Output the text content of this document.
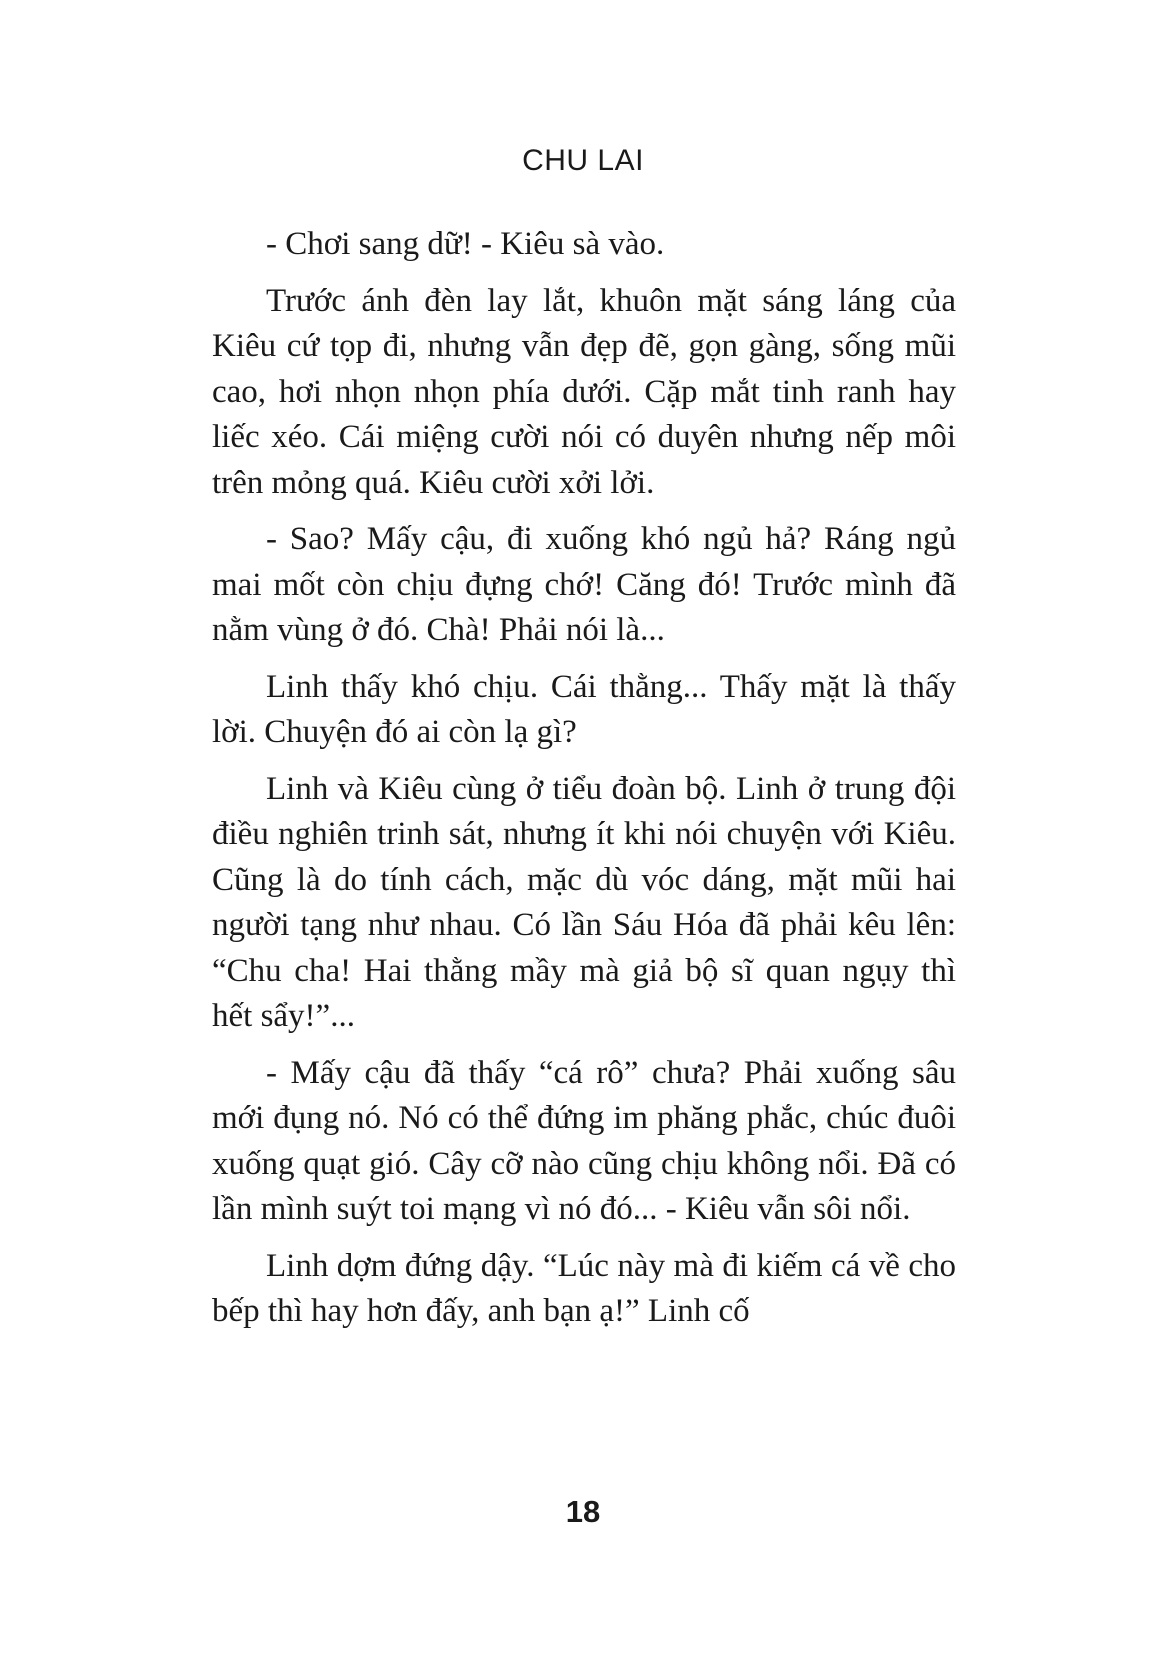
CHU LAI

- Chơi sang dữ! - Kiêu sà vào.

Trước ánh đèn lay lắt, khuôn mặt sáng láng của Kiêu cứ tọp đi, nhưng vẫn đẹp đẽ, gọn gàng, sống mũi cao, hơi nhọn nhọn phía dưới. Cặp mắt tinh ranh hay liếc xéo. Cái miệng cười nói có duyên nhưng nếp môi trên mỏng quá. Kiêu cười xởi lởi.

- Sao? Mấy cậu, đi xuống khó ngủ hả? Ráng ngủ mai mốt còn chịu đựng chớ! Căng đó! Trước mình đã nằm vùng ở đó. Chà! Phải nói là...

Linh thấy khó chịu. Cái thằng... Thấy mặt là thấy lời. Chuyện đó ai còn lạ gì?

Linh và Kiêu cùng ở tiểu đoàn bộ. Linh ở trung đội điều nghiên trinh sát, nhưng ít khi nói chuyện với Kiêu. Cũng là do tính cách, mặc dù vóc dáng, mặt mũi hai người tạng như nhau. Có lần Sáu Hóa đã phải kêu lên: “Chu cha! Hai thằng mầy mà giả bộ sĩ quan ngụy thì hết sẩy!”...

- Mấy cậu đã thấy “cá rô” chưa? Phải xuống sâu mới đụng nó. Nó có thể đứng im phăng phắc, chúc đuôi xuống quạt gió. Cây cỡ nào cũng chịu không nổi. Đã có lần mình suýt toi mạng vì nó đó... - Kiêu vẫn sôi nổi.

Linh dợm đứng dậy. “Lúc này mà đi kiếm cá về cho bếp thì hay hơn đấy, anh bạn ạ!” Linh cố

18
